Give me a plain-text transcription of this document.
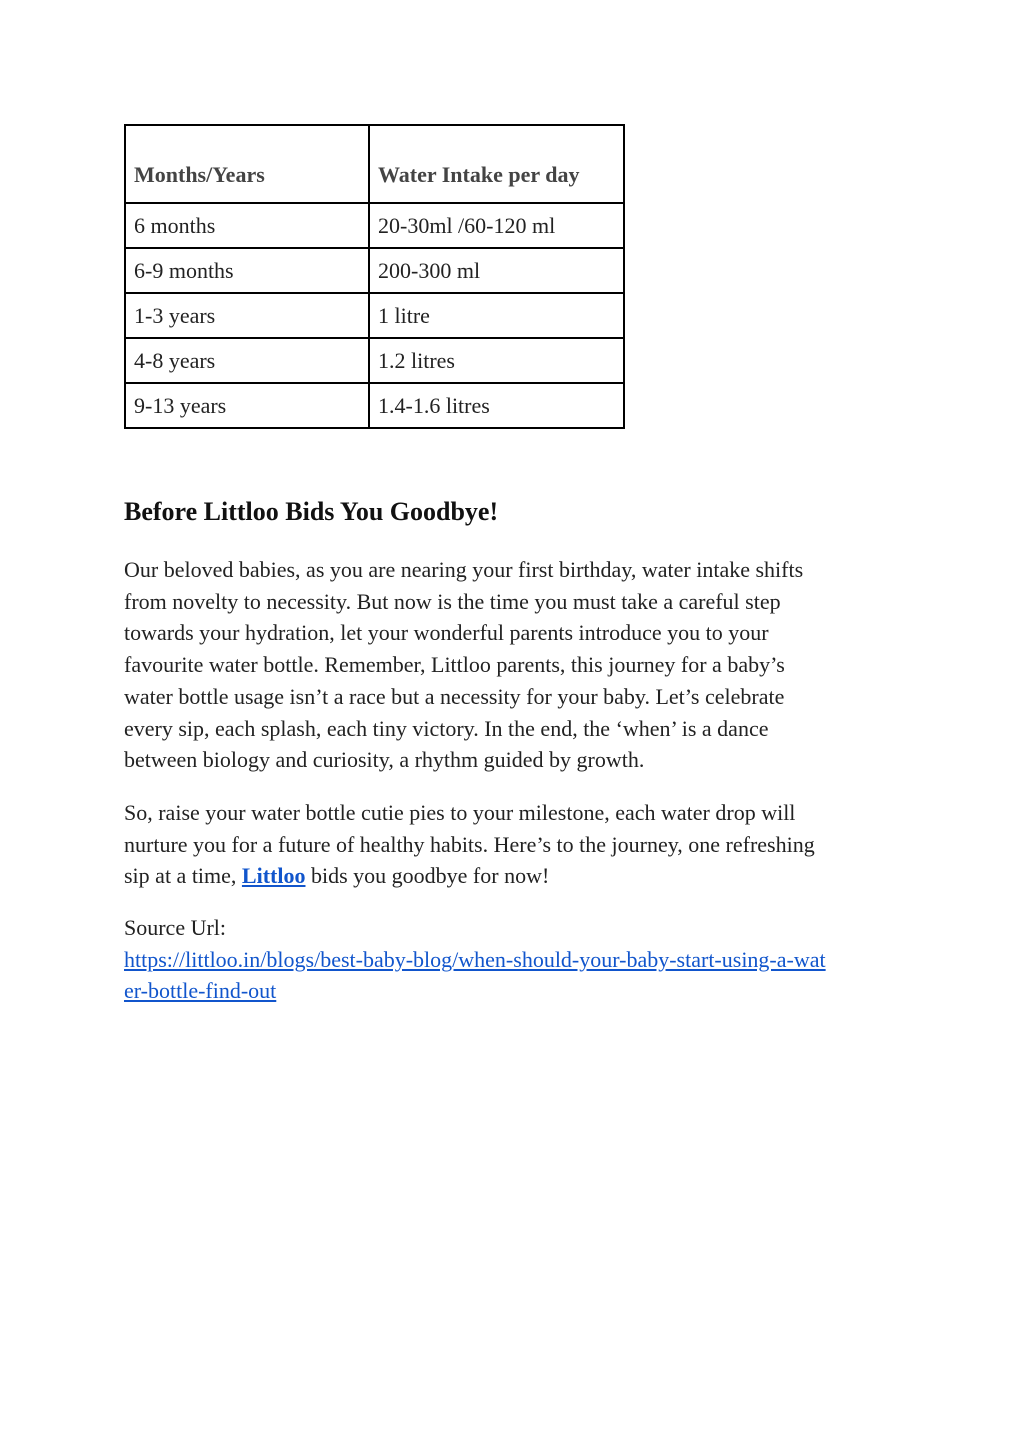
Months/Years	Water Intake per day
6 months	20-30ml /60-120 ml
6-9 months	200-300 ml
1-3 years	1 litre
4-8 years	1.2 litres
9-13 years	1.4-1.6 litres
Before Littloo Bids You Goodbye!

Our beloved babies, as you are nearing your first birthday, water intake shifts
from novelty to necessity. But now is the time you must take a careful step
towards your hydration, let your wonderful parents introduce you to your
favourite water bottle. Remember, Littloo parents, this journey for a baby’s
water bottle usage isn’t a race but a necessity for your baby. Let’s celebrate
every sip, each splash, each tiny victory. In the end, the ‘when’ is a dance
between biology and curiosity, a rhythm guided by growth.

So, raise your water bottle cutie pies to your milestone, each water drop will
nurture you for a future of healthy habits. Here’s to the journey, one refreshing
sip at a time, Littloo bids you goodbye for now!

Source Url:
https://littloo.in/blogs/best-baby-blog/when-should-your-baby-start-using-a-wat
er-bottle-find-out
